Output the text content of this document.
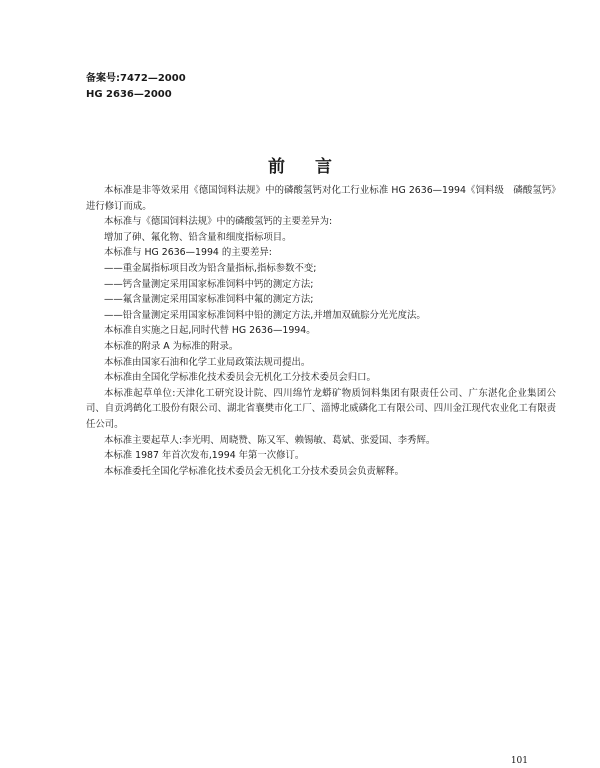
备案号:7472—2000
HG 2636—2000
前言

本标准是非等效采用《德国饲料法规》中的磷酸氢钙对化工行业标准 HG 2636—1994《饲料级　磷酸氢钙》进行修订而成。

本标准与《德国饲料法规》中的磷酸氢钙的主要差异为:

增加了砷、氟化物、铅含量和细度指标项目。

本标准与 HG 2636—1994 的主要差异:

——重金属指标项目改为铅含量指标,指标参数不变;

——钙含量测定采用国家标准饲料中钙的测定方法;

——氟含量测定采用国家标准饲料中氟的测定方法;

——铅含量测定采用国家标准饲料中铅的测定方法,并增加双硫腙分光光度法。

本标准自实施之日起,同时代替 HG 2636—1994。

本标准的附录 A 为标准的附录。

本标准由国家石油和化学工业局政策法规司提出。

本标准由全国化学标准化技术委员会无机化工分技术委员会归口。

本标准起草单位:天津化工研究设计院、四川绵竹龙蟒矿物质饲料集团有限责任公司、广东湛化企业集团公司、自贡鸿鹤化工股份有限公司、湖北省襄樊市化工厂、淄博北威磷化工有限公司、四川金江现代农业化工有限责任公司。

本标准主要起草人:李光明、周晓赞、陈又军、赖锡敏、葛斌、张爱国、李秀辉。

本标准 1987 年首次发布,1994 年第一次修订。

本标准委托全国化学标准化技术委员会无机化工分技术委员会负责解释。

101
